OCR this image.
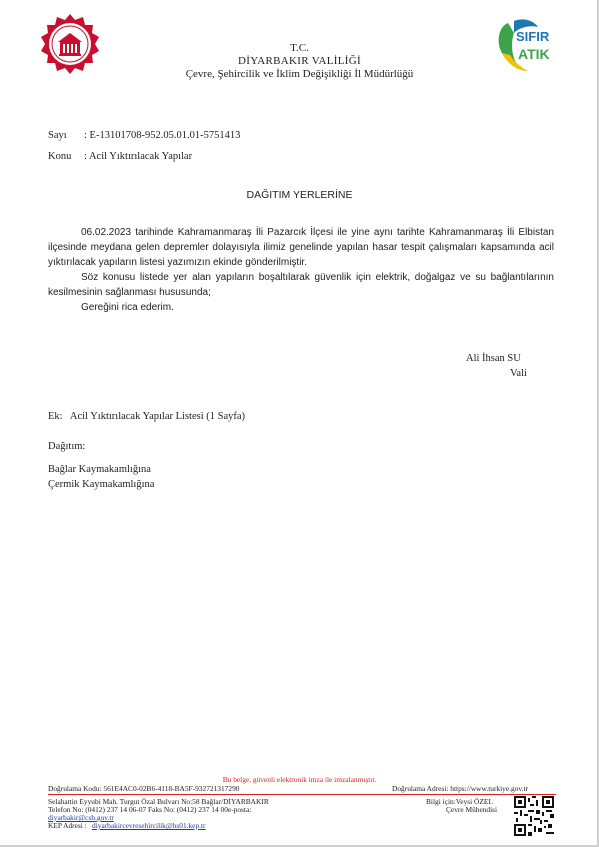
SIFIR
ATIK
T.C.
DİYARBAKIR VALİLİĞİ
Çevre, Şehircilik ve İklim Değişikliği İl Müdürlüğü
Sayı : E-13101708-952.05.01.01-5751413
Konu : Acil Yıktırılacak Yapılar
DAĞITIM YERLERİNE

06.02.2023 tarihinde Kahramanmaraş İli Pazarcık İlçesi ile yine aynı tarihte Kahramanmaraş İli Elbistan ilçesinde meydana gelen depremler dolayısıyla ilimiz genelinde yapılan hasar tespit çalışmaları kapsamında acil yıktırılacak yapıların listesi yazımızın ekinde gönderilmiştir.

Söz konusu listede yer alan yapıların boşaltılarak güvenlik için elektrik, doğalgaz ve su bağlantılarının kesilmesinin sağlanması hususunda;

Gereğini rica ederim.

Ali İhsan SU
Vali
Ek:   Acil Yıktırılacak Yapılar Listesi (1 Sayfa)
Dağıtım:
Bağlar Kaymakamlığına
Çermik Kaymakamlığına
Bu belge, güvenli elektronik imza ile imzalanmıştır.
Doğrulama Kodu: 561E4AC0-02B6-4118-BA5F-932721317290	Doğrulama Adresi: https://www.turkiye.gov.tr
Selahattin Eyyubi Mah. Turgut Özal Bulvarı No:58 Bağlar/DİYARBAKIR
Telefon No: (0412) 237 14 06-07 Faks No: (0412) 237 14 00e-posta:
diyarbakir@csb.gov.tr
KEP Adresi : diyarbakircevresehircilik@hs01.kep.tr
Bilgi için:Veysi ÖZEL
Çevre Mühendisi
